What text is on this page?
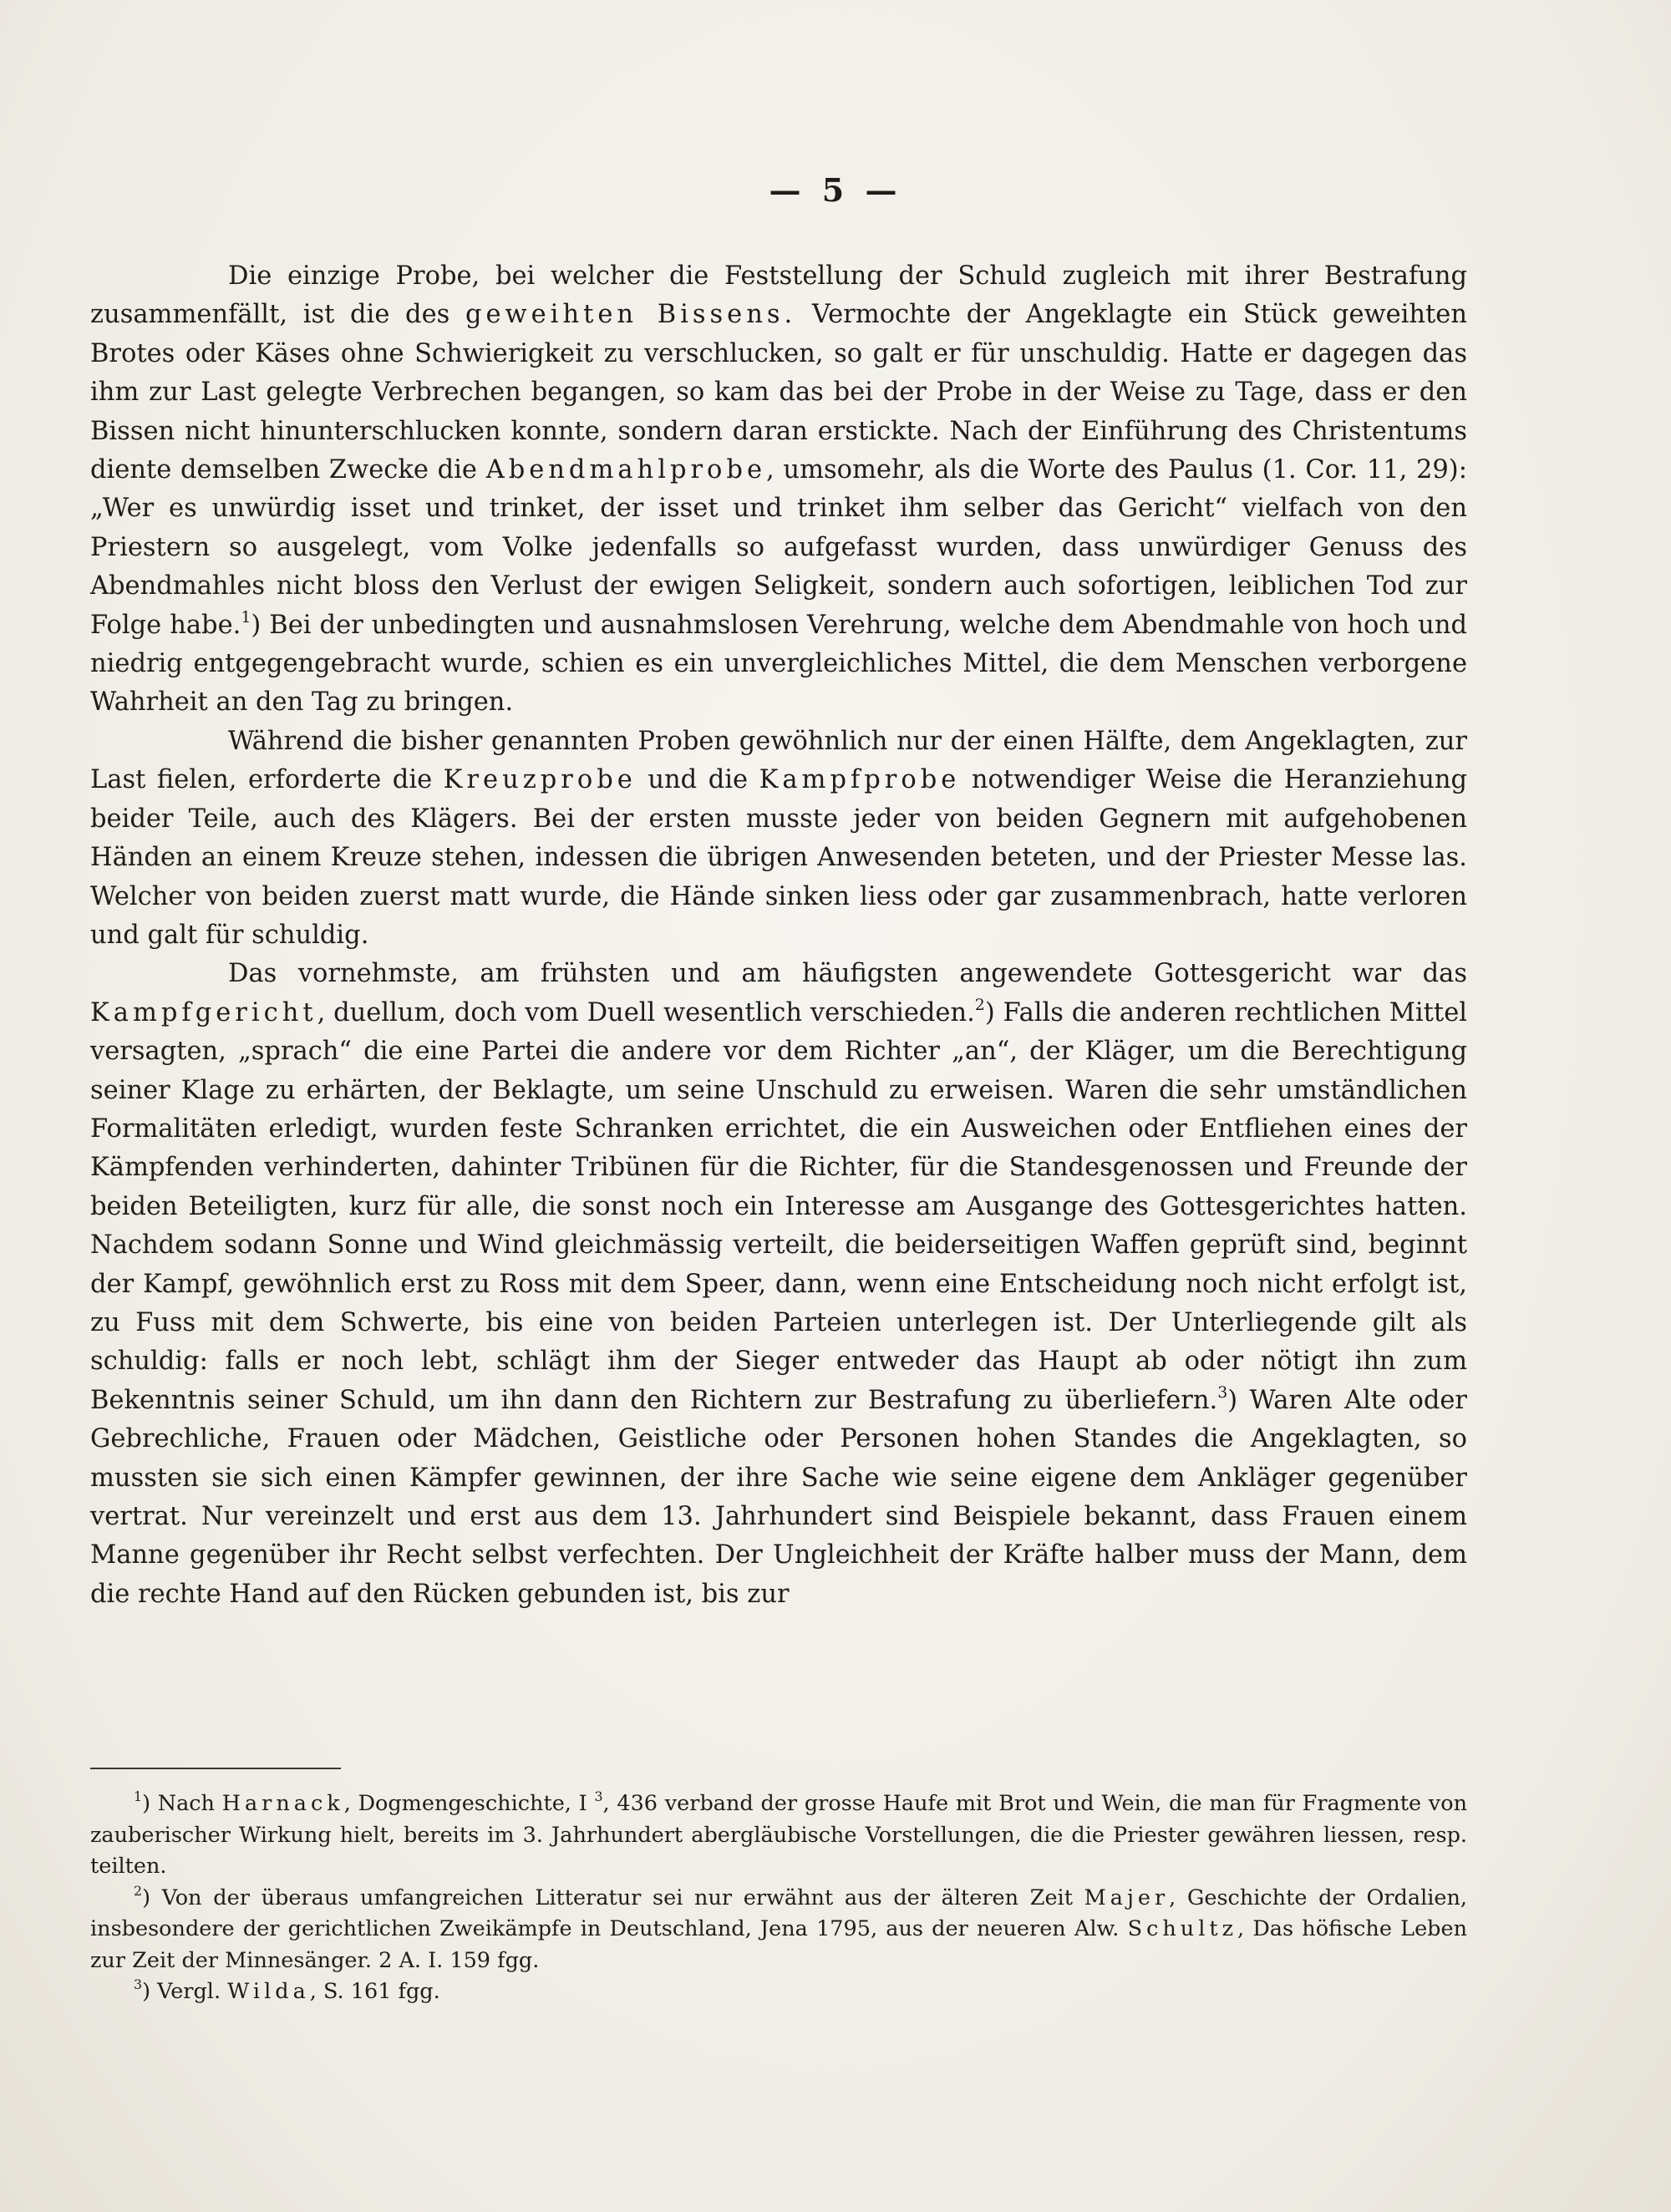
— 5 —

Die einzige Probe, bei welcher die Feststellung der Schuld zugleich mit ihrer Bestrafung zusammenfällt, ist die des geweihten Bissens. Vermochte der Angeklagte ein Stück geweihten Brotes oder Käses ohne Schwierigkeit zu verschlucken, so galt er für unschuldig. Hatte er dagegen das ihm zur Last gelegte Verbrechen begangen, so kam das bei der Probe in der Weise zu Tage, dass er den Bissen nicht hinunterschlucken konnte, sondern daran erstickte. Nach der Einführung des Christentums diente demselben Zwecke die Abendmahlprobe, umsomehr, als die Worte des Paulus (1. Cor. 11, 29): „Wer es unwürdig isset und trinket, der isset und trinket ihm selber das Gericht“ vielfach von den Priestern so ausgelegt, vom Volke jedenfalls so aufgefasst wurden, dass unwürdiger Genuss des Abendmahles nicht bloss den Verlust der ewigen Seligkeit, sondern auch sofortigen, leiblichen Tod zur Folge habe.$^1$) Bei der unbedingten und ausnahmslosen Verehrung, welche dem Abendmahle von hoch und niedrig entgegengebracht wurde, schien es ein unvergleichliches Mittel, die dem Menschen verborgene Wahrheit an den Tag zu bringen.

Während die bisher genannten Proben gewöhnlich nur der einen Hälfte, dem Angeklagten, zur Last fielen, erforderte die Kreuzprobe und die Kampfprobe notwendiger Weise die Heranziehung beider Teile, auch des Klägers. Bei der ersten musste jeder von beiden Gegnern mit aufgehobenen Händen an einem Kreuze stehen, indessen die übrigen Anwesenden beteten, und der Priester Messe las. Welcher von beiden zuerst matt wurde, die Hände sinken liess oder gar zusammenbrach, hatte verloren und galt für schuldig.

Das vornehmste, am frühsten und am häufigsten angewendete Gottesgericht war das Kampfgericht, duellum, doch vom Duell wesentlich verschieden.$^2$) Falls die anderen rechtlichen Mittel versagten, „sprach“ die eine Partei die andere vor dem Richter „an“, der Kläger, um die Berechtigung seiner Klage zu erhärten, der Beklagte, um seine Unschuld zu erweisen. Waren die sehr umständlichen Formalitäten erledigt, wurden feste Schranken errichtet, die ein Ausweichen oder Entfliehen eines der Kämpfenden verhinderten, dahinter Tribünen für die Richter, für die Standesgenossen und Freunde der beiden Beteiligten, kurz für alle, die sonst noch ein Interesse am Ausgange des Gottesgerichtes hatten. Nachdem sodann Sonne und Wind gleichmässig verteilt, die beiderseitigen Waffen geprüft sind, beginnt der Kampf, gewöhnlich erst zu Ross mit dem Speer, dann, wenn eine Entscheidung noch nicht erfolgt ist, zu Fuss mit dem Schwerte, bis eine von beiden Parteien unterlegen ist. Der Unterliegende gilt als schuldig: falls er noch lebt, schlägt ihm der Sieger entweder das Haupt ab oder nötigt ihn zum Bekenntnis seiner Schuld, um ihn dann den Richtern zur Bestrafung zu überliefern.$^3$) Waren Alte oder Gebrechliche, Frauen oder Mädchen, Geistliche oder Personen hohen Standes die Angeklagten, so mussten sie sich einen Kämpfer gewinnen, der ihre Sache wie seine eigene dem Ankläger gegenüber vertrat. Nur vereinzelt und erst aus dem 13. Jahrhundert sind Beispiele bekannt, dass Frauen einem Manne gegenüber ihr Recht selbst verfechten. Der Ungleichheit der Kräfte halber muss der Mann, dem die rechte Hand auf den Rücken gebunden ist, bis zur

$^1$) Nach Harnack, Dogmengeschichte, I $^3$, 436 verband der grosse Haufe mit Brot und Wein, die man für Fragmente von zauberischer Wirkung hielt, bereits im 3. Jahrhundert abergläubische Vorstellungen, die die Priester gewähren liessen, resp. teilten.

$^2$) Von der überaus umfangreichen Litteratur sei nur erwähnt aus der älteren Zeit Majer, Geschichte der Ordalien, insbesondere der gerichtlichen Zweikämpfe in Deutschland, Jena 1795, aus der neueren Alw. Schultz, Das höfische Leben zur Zeit der Minnesänger. 2 A. I. 159 fgg.

$^3$) Vergl. Wilda, S. 161 fgg.
